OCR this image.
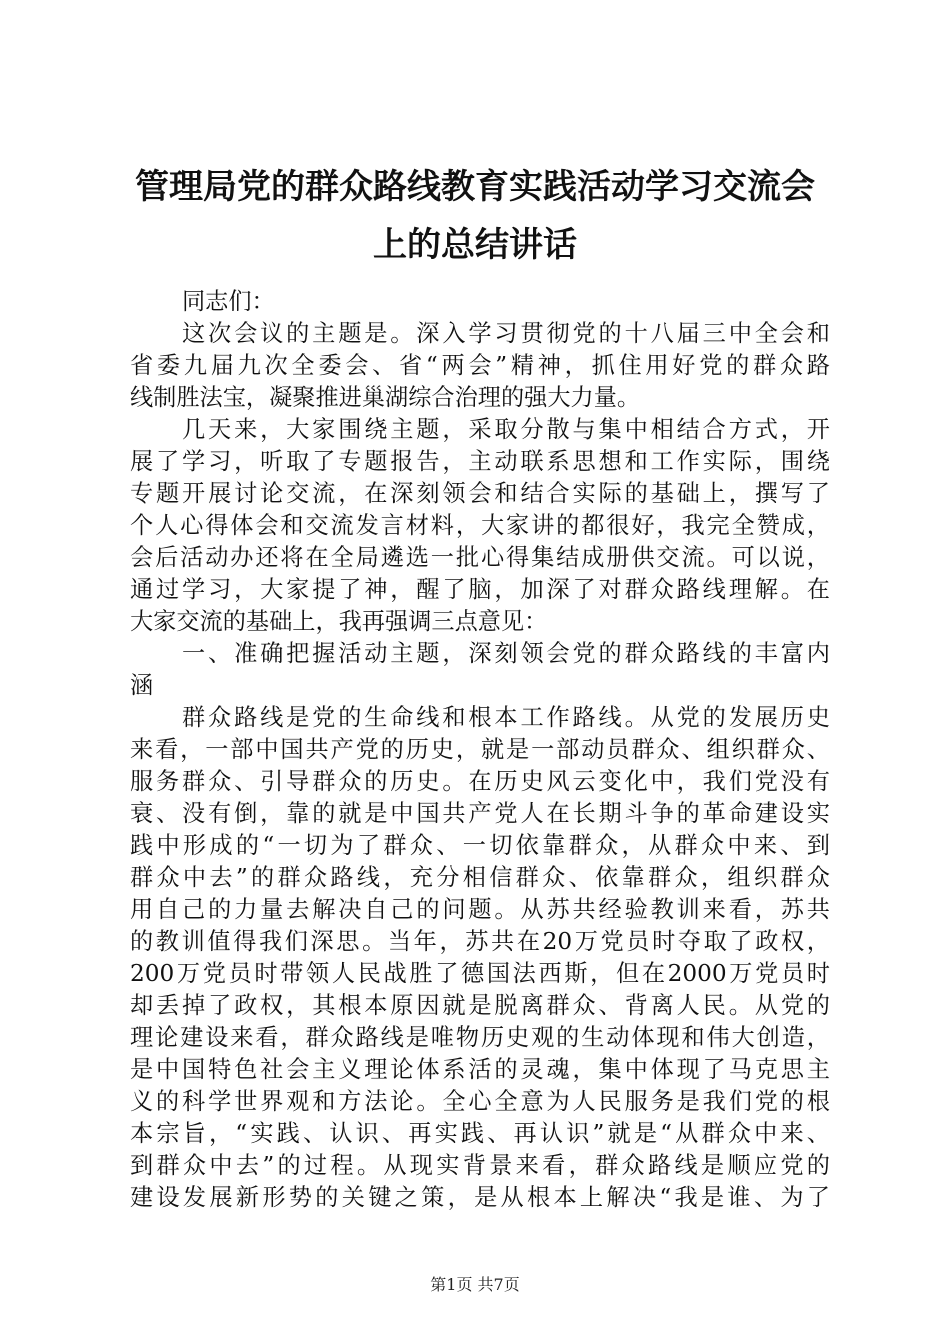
管理局党的群众路线教育实践活动学习交流会
上的总结讲话
同志们：
这次会议的主题是。深入学习贯彻党的十八届三中全会和
省委九届九次全委会、省“两会”精神，抓住用好党的群众路
线制胜法宝，凝聚推进巢湖综合治理的强大力量。
几天来，大家围绕主题，采取分散与集中相结合方式，开
展了学习，听取了专题报告，主动联系思想和工作实际，围绕
专题开展讨论交流，在深刻领会和结合实际的基础上，撰写了
个人心得体会和交流发言材料，大家讲的都很好，我完全赞成，
会后活动办还将在全局遴选一批心得集结成册供交流。可以说，
通过学习，大家提了神，醒了脑，加深了对群众路线理解。在
大家交流的基础上，我再强调三点意见：
一、准确把握活动主题，深刻领会党的群众路线的丰富内
涵
群众路线是党的生命线和根本工作路线。从党的发展历史
来看，一部中国共产党的历史，就是一部动员群众、组织群众、
服务群众、引导群众的历史。在历史风云变化中，我们党没有
衰、没有倒，靠的就是中国共产党人在长期斗争的革命建设实
践中形成的“一切为了群众、一切依靠群众，从群众中来、到
群众中去”的群众路线，充分相信群众、依靠群众，组织群众
用自己的力量去解决自己的问题。从苏共经验教训来看，苏共
的教训值得我们深思。当年，苏共在20万党员时夺取了政权，
200万党员时带领人民战胜了德国法西斯，但在2000万党员时
却丢掉了政权，其根本原因就是脱离群众、背离人民。从党的
理论建设来看，群众路线是唯物历史观的生动体现和伟大创造，
是中国特色社会主义理论体系活的灵魂，集中体现了马克思主
义的科学世界观和方法论。全心全意为人民服务是我们党的根
本宗旨，“实践、认识、再实践、再认识”就是“从群众中来、
到群众中去”的过程。从现实背景来看，群众路线是顺应党的
建设发展新形势的关键之策，是从根本上解决“我是谁、为了
第1页 共7页
